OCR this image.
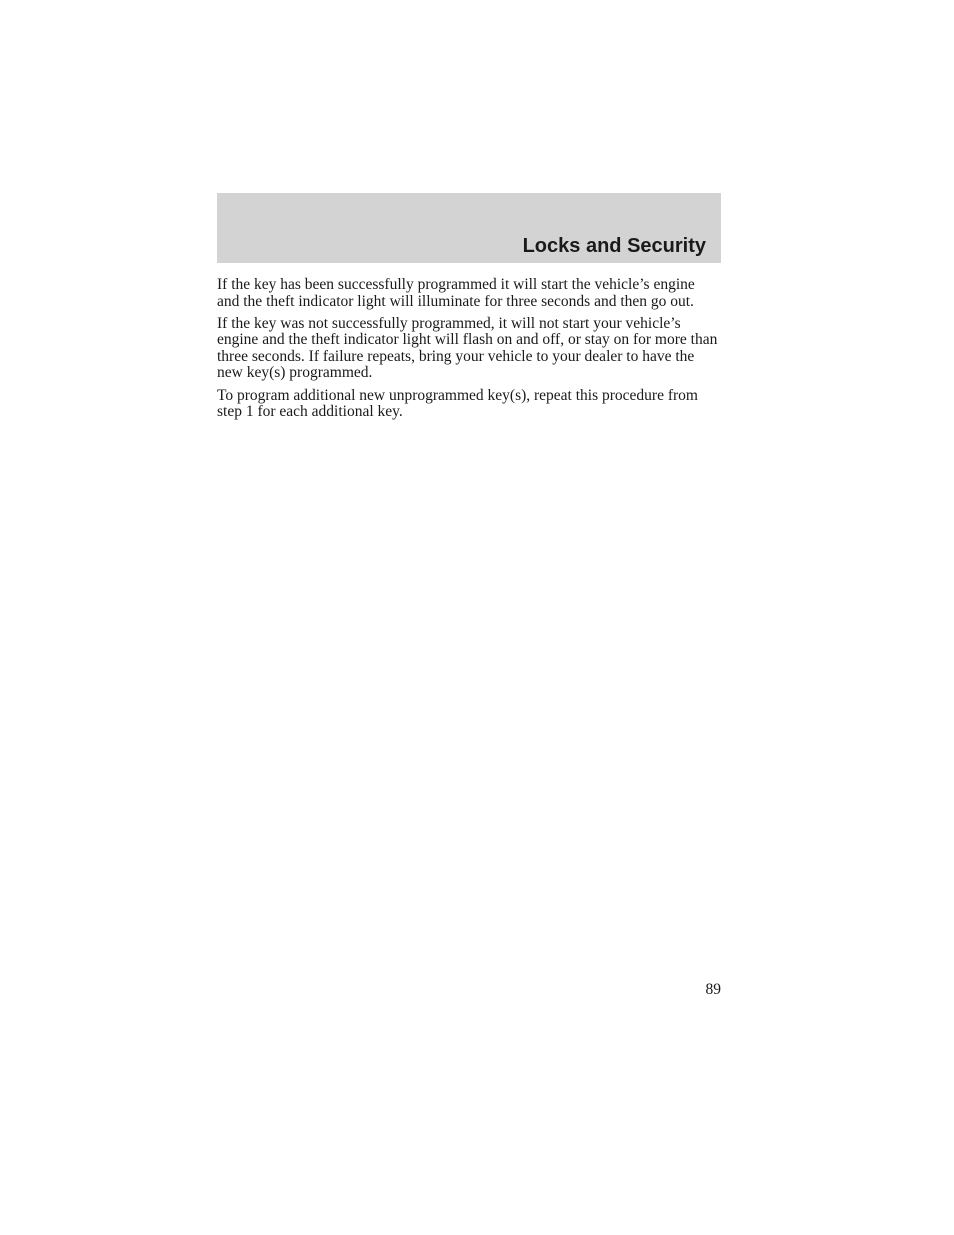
Locks and Security

If the key has been successfully programmed it will start the vehicle’s engine and the theft indicator light will illuminate for three seconds and then go out.

If the key was not successfully programmed, it will not start your vehicle’s engine and the theft indicator light will flash on and off, or stay on for more than three seconds. If failure repeats, bring your vehicle to your dealer to have the new key(s) programmed.

To program additional new unprogrammed key(s), repeat this procedure from step 1 for each additional key.

89
